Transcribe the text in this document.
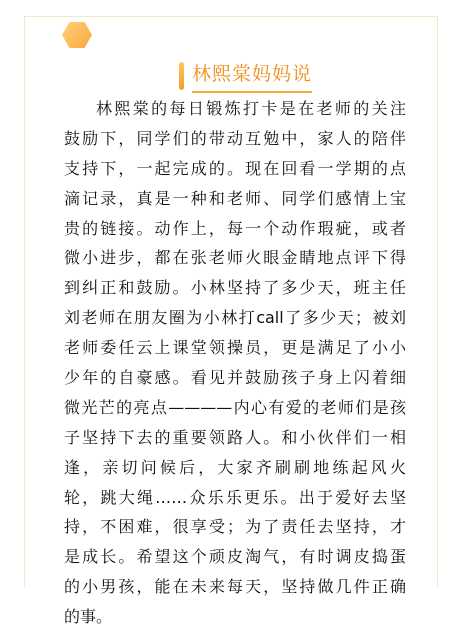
林熙棠妈妈说
林熙棠的每日锻炼打卡是在老师的关注
鼓励下，同学们的带动互勉中，家人的陪伴
支持下，一起完成的。现在回看一学期的点
滴记录，真是一种和老师、同学们感情上宝
贵的链接。动作上，每一个动作瑕疵，或者
微小进步，都在张老师火眼金睛地点评下得
到纠正和鼓励。小林坚持了多少天，班主任
刘老师在朋友圈为小林打call了多少天；被刘
老师委任云上课堂领操员，更是满足了小小
少年的自豪感。看见并鼓励孩子身上闪着细
微光芒的亮点————内心有爱的老师们是孩
子坚持下去的重要领路人。和小伙伴们一相
逢，亲切问候后，大家齐刷刷地练起风火
轮，跳大绳……众乐乐更乐。出于爱好去坚
持，不困难，很享受；为了责任去坚持，才
是成长。希望这个顽皮淘气，有时调皮捣蛋
的小男孩，能在未来每天，坚持做几件正确
的事。
